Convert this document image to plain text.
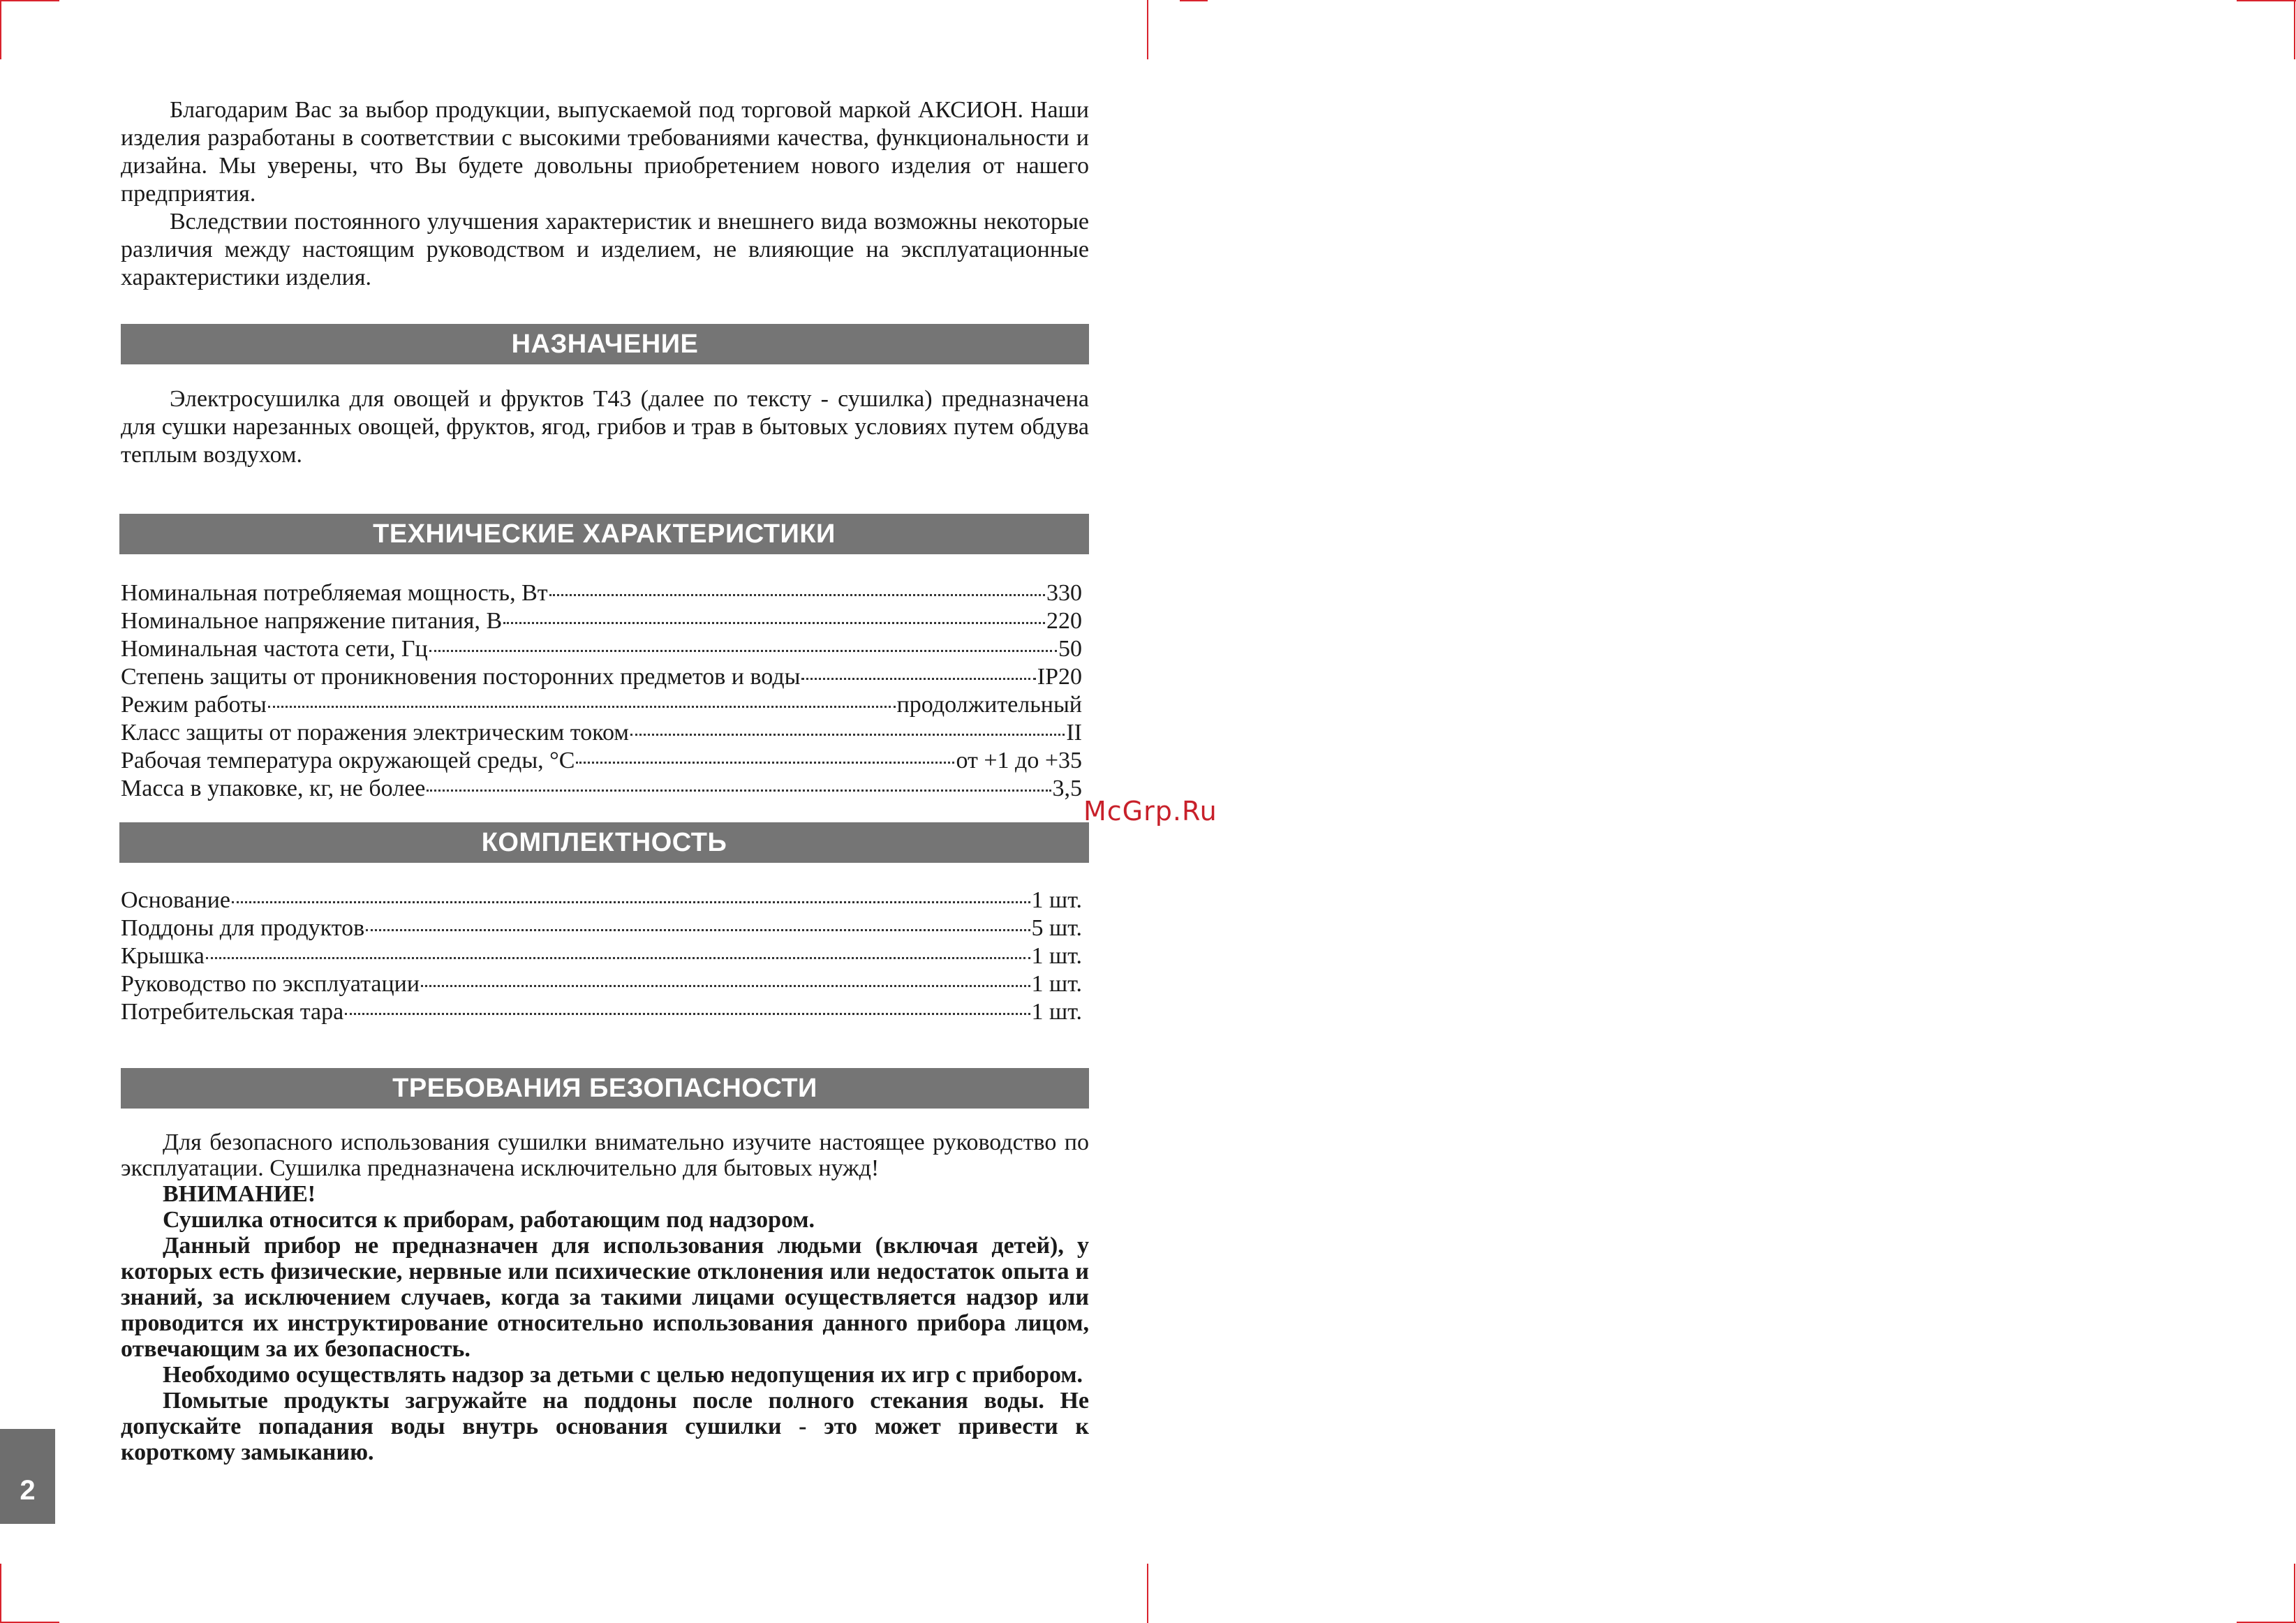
Благодарим Вас за выбор продукции, выпускаемой под торговой маркой АКСИОН. Наши изделия разработаны в соответствии с высокими требованиями качества, функциональности и дизайна. Мы уверены, что Вы будете довольны приобретением нового изделия от нашего предприятия.

Вследствии постоянного улучшения характеристик и внешнего вида возможны некоторые различия между настоящим руководством и изделием, не влияющие на эксплуатационные характеристики изделия.

НАЗНАЧЕНИЕ

Электросушилка для овощей и фруктов Т43 (далее по тексту - сушилка) предназначена для сушки нарезанных овощей, фруктов, ягод, грибов и трав в бытовых условиях путем обдува теплым воздухом.

ТЕХНИЧЕСКИЕ ХАРАКТЕРИСТИКИ
Номинальная потребляемая мощность, Вт	330
Номинальное напряжение питания, В	220
Номинальная частота сети, Гц	50
Степень защиты от проникновения посторонних предметов и воды	IP20
Режим работы	продолжительный
Класс защиты от поражения электрическим током	II
Рабочая температура окружающей среды, °С	от +1 до +35
Масса в упаковке, кг, не более	3,5
КОМПЛЕКТНОСТЬ
Основание	1 шт.
Поддоны для продуктов	5 шт.
Крышка	1 шт.
Руководство по эксплуатации	1 шт.
Потребительская тара	1 шт.
ТРЕБОВАНИЯ БЕЗОПАСНОСТИ

Для безопасного использования сушилки внимательно изучите настоящее руководство по эксплуатации. Сушилка предназначена исключительно для бытовых нужд!

ВНИМАНИЕ!

Сушилка относится к приборам, работающим под надзором.

Данный прибор не предназначен для использования людьми (включая детей), у которых есть физические, нервные или психические отклонения или недостаток опыта и знаний, за исключением случаев, когда за такими лицами осуществляется надзор или проводится их инструктирование относительно использования данного прибора лицом, отвечающим за их безопасность.

Необходимо осуществлять надзор за детьми с целью недопущения их игр с прибором.

Помытые продукты загружайте на поддоны после полного стекания воды. Не допускайте попадания воды внутрь основания сушилки - это может привести к короткому замыканию.

McGrp.Ru
2
